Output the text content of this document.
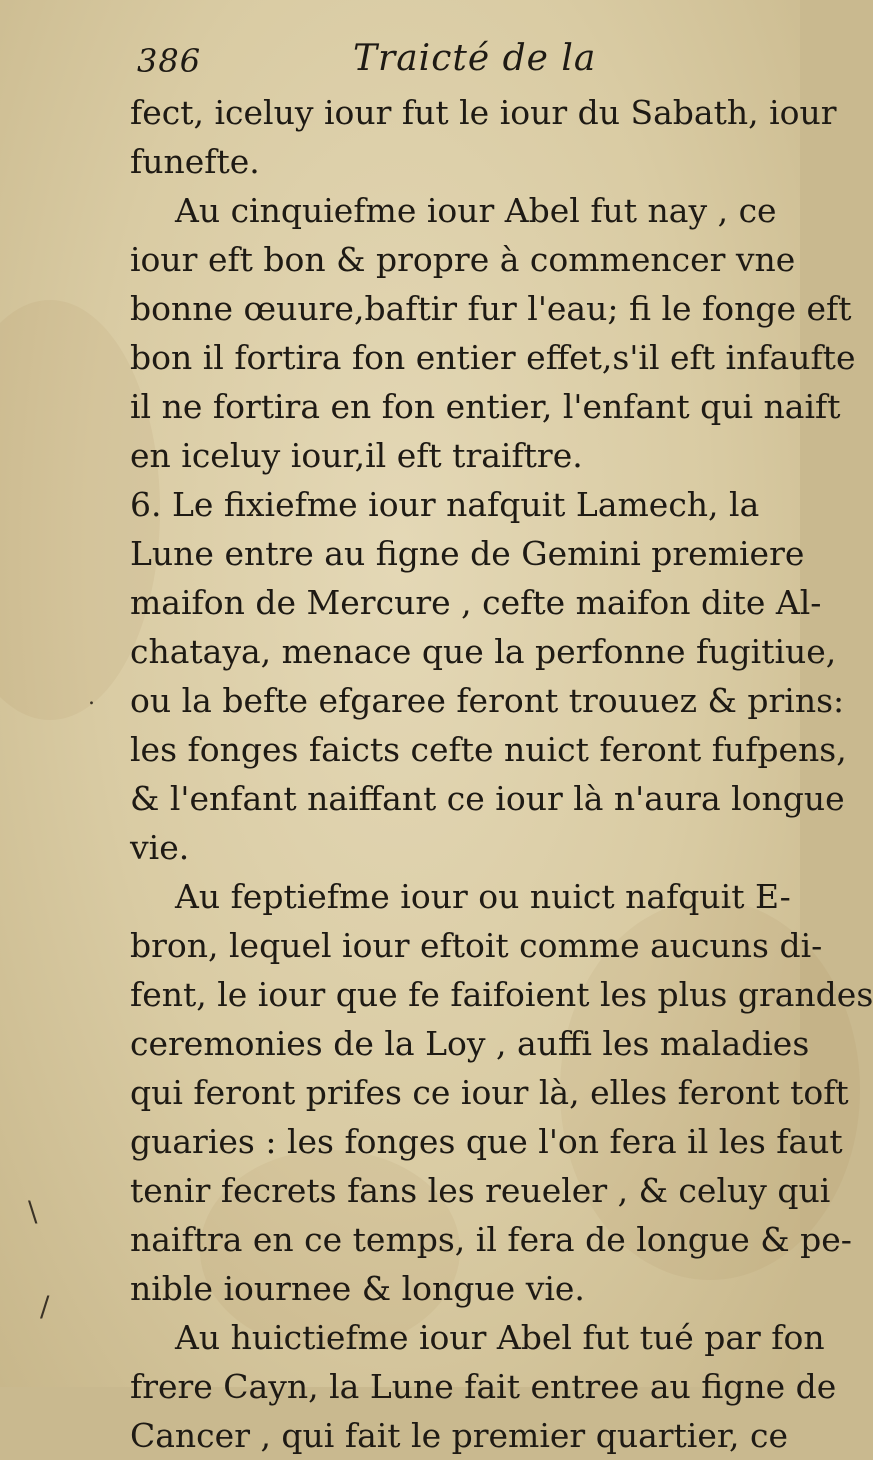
\
/
.
386	Traicté de la
fect, iceluy iour fut le iour du Sabath, iour
funefte.
Au cinquiefme iour Abel fut nay , ce
iour eft bon & propre à commencer vne
bonne œuure,baftir fur l'eau; fi le fonge eft
bon il fortira fon entier effet,s'il eft infaufte
il ne fortira en fon entier, l'enfant qui naift
en iceluy iour,il eft traiftre.
6. Le fixiefme iour nafquit Lamech, la
Lune entre au figne de Gemini premiere
maifon de Mercure , cefte maifon dite Al-
chataya, menace que la perfonne fugitiue,
ou la befte efgaree feront trouuez & prins:
les fonges faicts cefte nuict feront fufpens,
& l'enfant naiffant ce iour là n'aura longue
vie.
Au feptiefme iour ou nuict nafquit E-
bron, lequel iour eftoit comme aucuns di-
fent, le iour que fe faifoient les plus grandes
ceremonies de la Loy , auffi les maladies
qui feront prifes ce iour là, elles feront toft
guaries : les fonges que l'on fera il les faut
tenir fecrets fans les reueler , & celuy qui
naiftra en ce temps, il fera de longue & pe-
nible iournee & longue vie.
Au huictiefme iour Abel fut tué par fon
frere Cayn, la Lune fait entree au figne de
Cancer , qui fait le premier quartier, ce
